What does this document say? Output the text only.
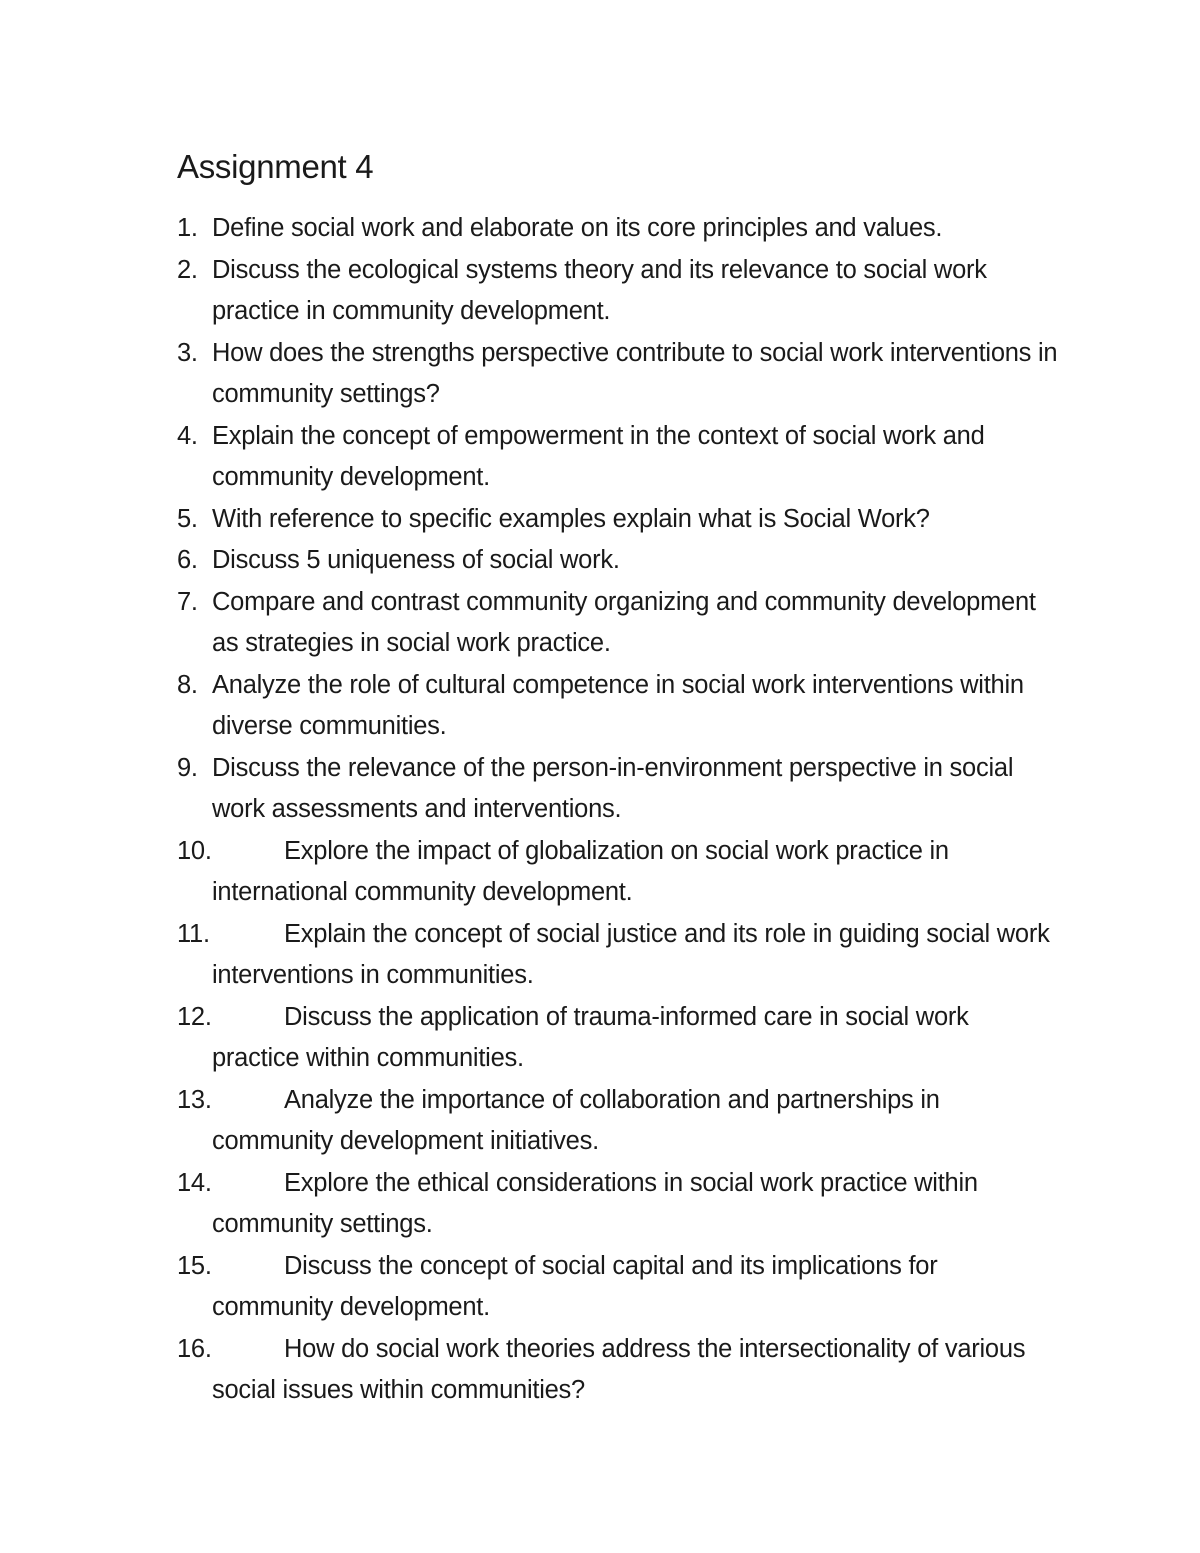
Assignment 4
1. Define social work and elaborate on its core principles and values.
2. Discuss the ecological systems theory and its relevance to social work practice in community development.
3. How does the strengths perspective contribute to social work interventions in community settings?
4. Explain the concept of empowerment in the context of social work and community development.
5. With reference to specific examples explain what is Social Work?
6. Discuss 5 uniqueness of social work.
7. Compare and contrast community organizing and community development as strategies in social work practice.
8. Analyze the role of cultural competence in social work interventions within diverse communities.
9. Discuss the relevance of the person-in-environment perspective in social work assessments and interventions.
10.	Explore the impact of globalization on social work practice in international community development.
11.	Explain the concept of social justice and its role in guiding social work interventions in communities.
12.	Discuss the application of trauma-informed care in social work practice within communities.
13.	Analyze the importance of collaboration and partnerships in community development initiatives.
14.	Explore the ethical considerations in social work practice within community settings.
15.	Discuss the concept of social capital and its implications for community development.
16.	How do social work theories address the intersectionality of various social issues within communities?
